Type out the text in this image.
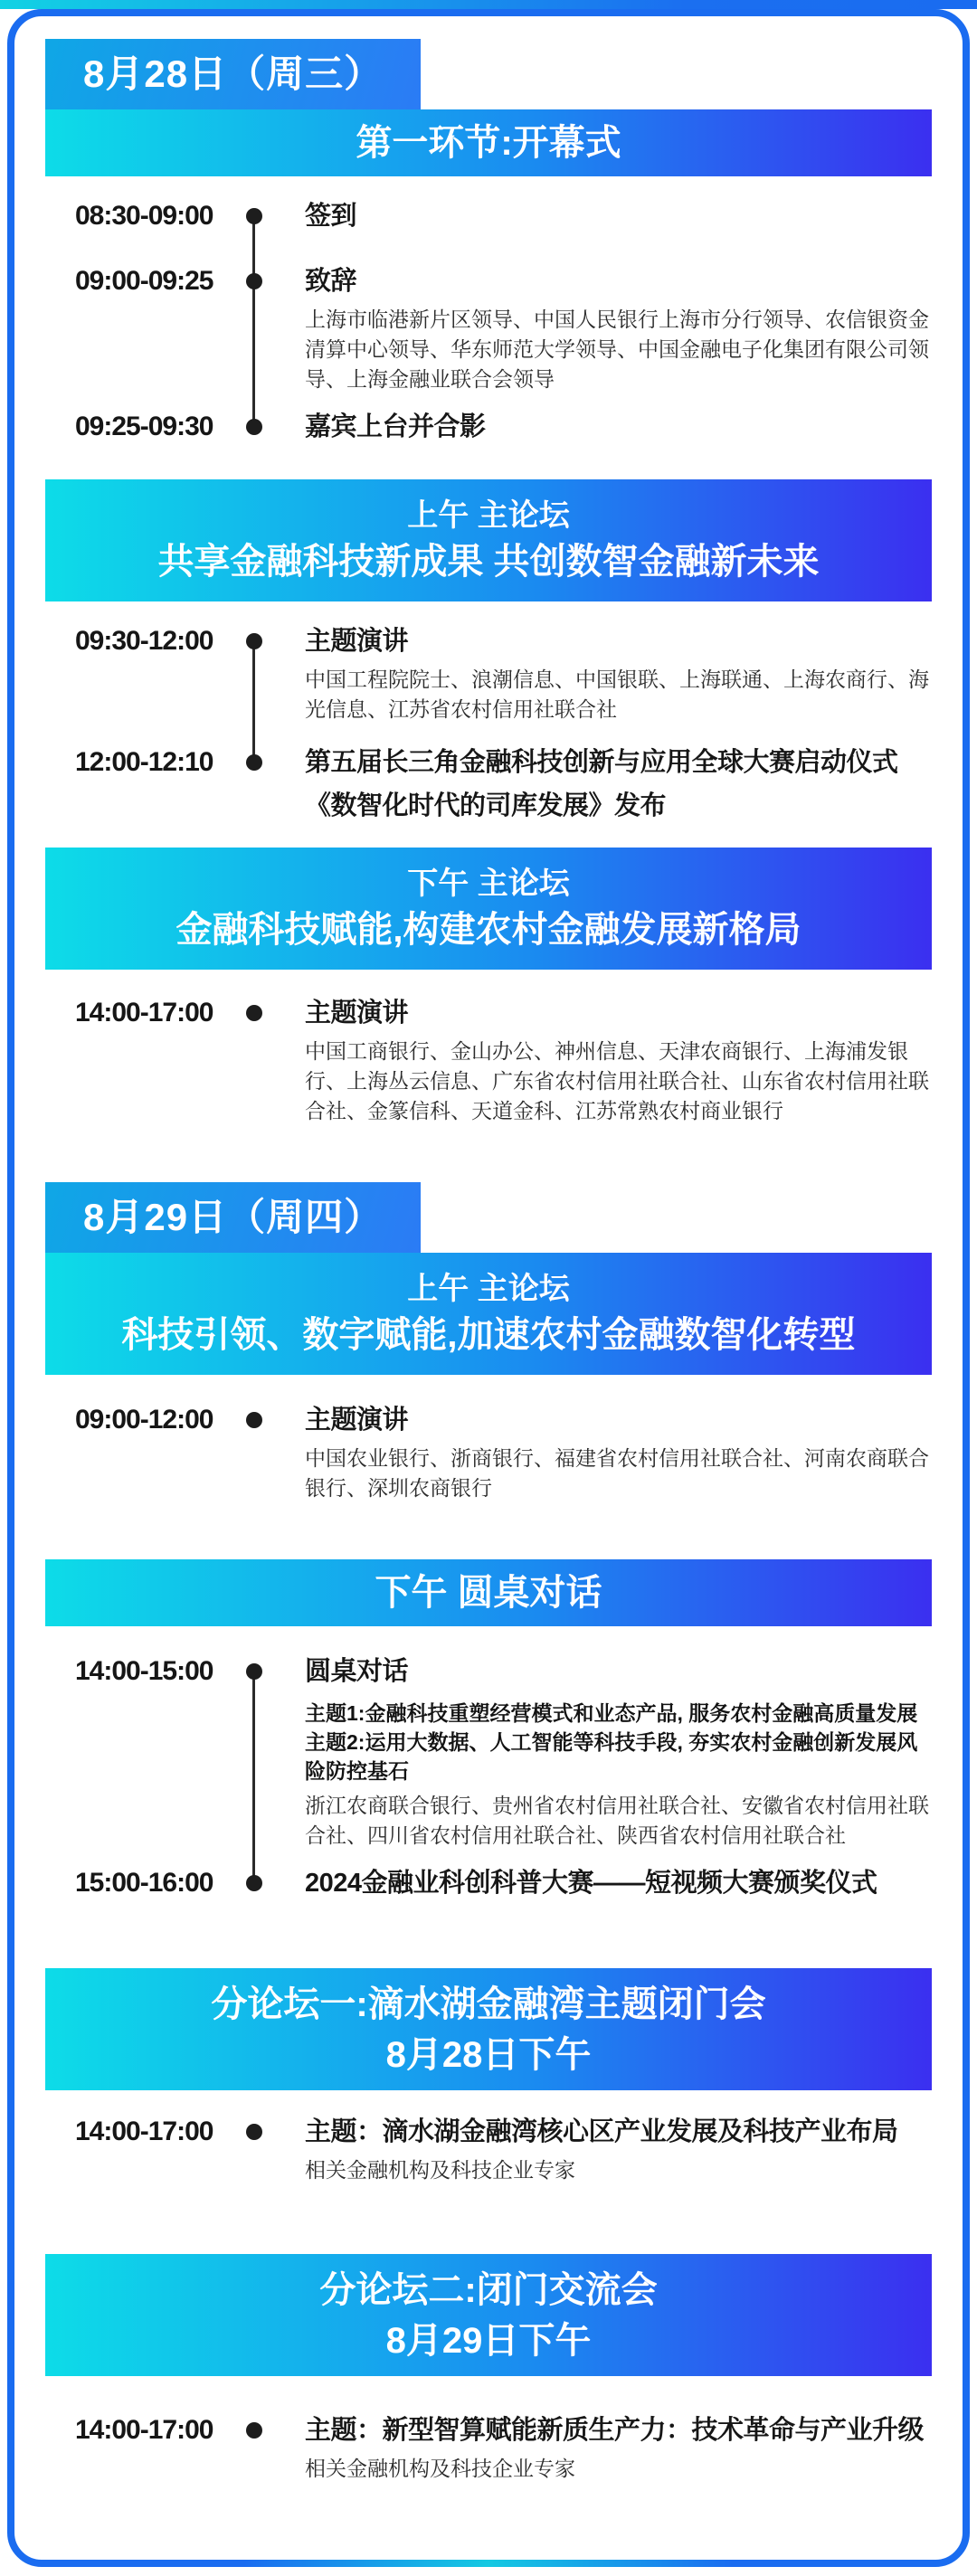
8月28日（周三）
第一环节:开幕式
08:30-09:00	签到
09:00-09:25	致辞
上海市临港新片区领导、中国人民银行上海市分行领导、农信银资金清算中心领导、华东师范大学领导、中国金融电子化集团有限公司领导、上海金融业联合会领导
09:25-09:30	嘉宾上台并合影
上午 主论坛
共享金融科技新成果 共创数智金融新未来
09:30-12:00	主题演讲
中国工程院院士、浪潮信息、中国银联、上海联通、上海农商行、海光信息、江苏省农村信用社联合社
12:00-12:10	第五届长三角金融科技创新与应用全球大赛启动仪式
《数智化时代的司库发展》发布
下午 主论坛
金融科技赋能,构建农村金融发展新格局
14:00-17:00	主题演讲
中国工商银行、金山办公、神州信息、天津农商银行、上海浦发银行、上海丛云信息、广东省农村信用社联合社、山东省农村信用社联合社、金篆信科、天道金科、江苏常熟农村商业银行
8月29日（周四）
上午 主论坛
科技引领、数字赋能,加速农村金融数智化转型
09:00-12:00	主题演讲
中国农业银行、浙商银行、福建省农村信用社联合社、河南农商联合银行、深圳农商银行
下午 圆桌对话
14:00-15:00	圆桌对话
主题1:金融科技重塑经营模式和业态产品, 服务农村金融高质量发展
主题2:运用大数据、人工智能等科技手段, 夯实农村金融创新发展风险防控基石
浙江农商联合银行、贵州省农村信用社联合社、安徽省农村信用社联合社、四川省农村信用社联合社、陕西省农村信用社联合社
15:00-16:00	2024金融业科创科普大赛——短视频大赛颁奖仪式
分论坛一:滴水湖金融湾主题闭门会
8月28日下午
14:00-17:00	主题：滴水湖金融湾核心区产业发展及科技产业布局
相关金融机构及科技企业专家
分论坛二:闭门交流会
8月29日下午
14:00-17:00	主题：新型智算赋能新质生产力：技术革命与产业升级
相关金融机构及科技企业专家
